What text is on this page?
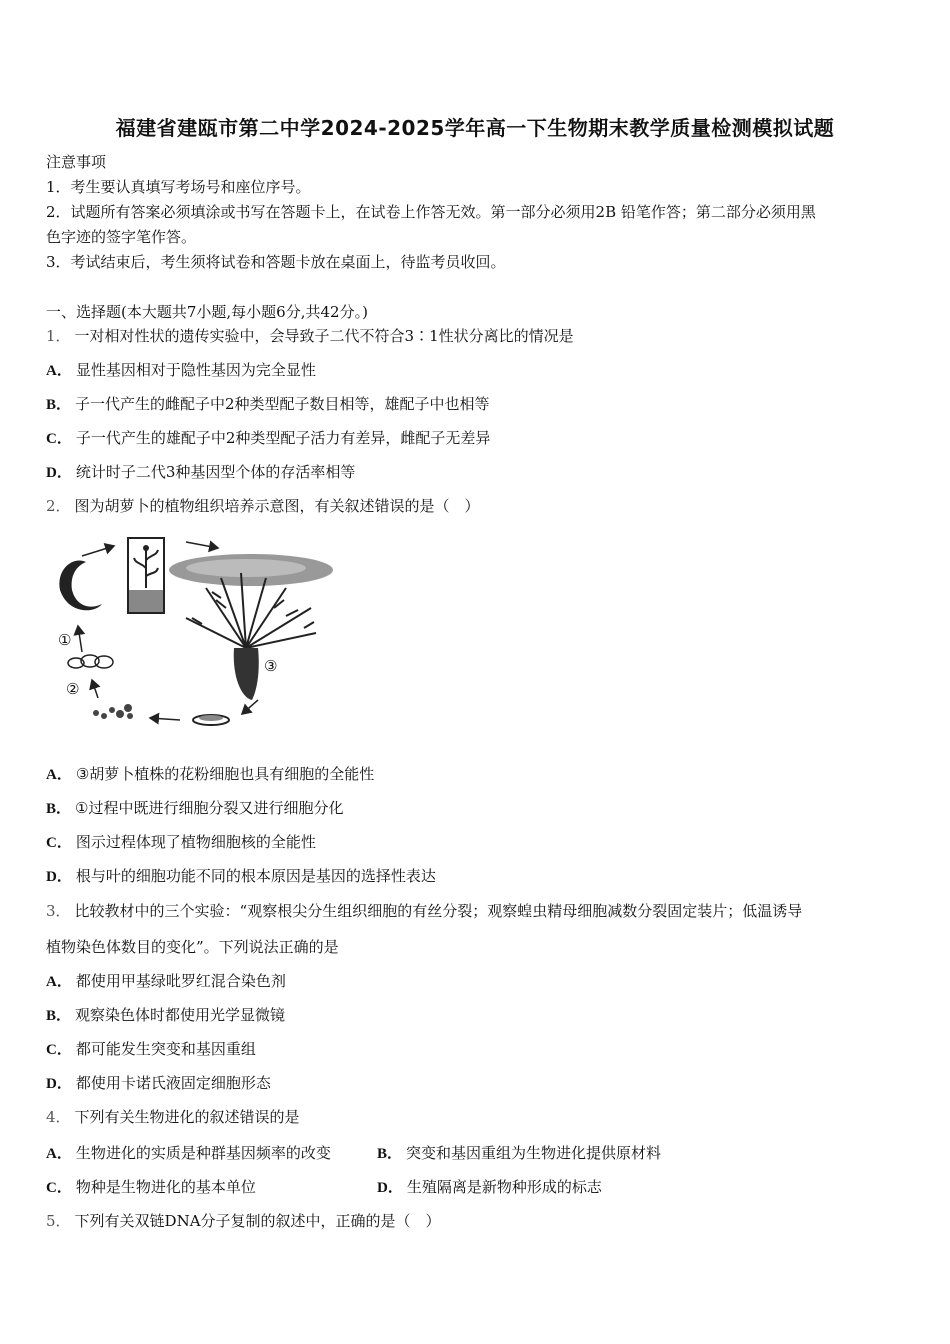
福建省建瓯市第二中学2024-2025学年高一下生物期末教学质量检测模拟试题
注意事项
1．考生要认真填写考场号和座位序号。
2．试题所有答案必须填涂或书写在答题卡上，在试卷上作答无效。第一部分必须用2B 铅笔作答；第二部分必须用黑
色字迹的签字笔作答。
3．考试结束后，考生须将试卷和答题卡放在桌面上，待监考员收回。
一、选择题(本大题共7小题,每小题6分,共42分。)
1． 一对相对性状的遗传实验中，会导致子二代不符合3∶1性状分离比的情况是
A． 显性基因相对于隐性基因为完全显性
B． 子一代产生的雌配子中2种类型配子数目相等，雄配子中也相等
C． 子一代产生的雄配子中2种类型配子活力有差异，雌配子无差异
D． 统计时子二代3种基因型个体的存活率相等
2． 图为胡萝卜的植物组织培养示意图，有关叙述错误的是（　）
③
①
②
A． ③胡萝卜植株的花粉细胞也具有细胞的全能性
B． ①过程中既进行细胞分裂又进行细胞分化
C． 图示过程体现了植物细胞核的全能性
D． 根与叶的细胞功能不同的根本原因是基因的选择性表达
3． 比较教材中的三个实验：“观察根尖分生组织细胞的有丝分裂；观察蝗虫精母细胞减数分裂固定装片；低温诱导
植物染色体数目的变化”。下列说法正确的是
A． 都使用甲基绿吡罗红混合染色剂
B． 观察染色体时都使用光学显微镜
C． 都可能发生突变和基因重组
D． 都使用卡诺氏液固定细胞形态
4． 下列有关生物进化的叙述错误的是
A． 生物进化的实质是种群基因频率的改变	B． 突变和基因重组为生物进化提供原材料
C． 物种是生物进化的基本单位	D． 生殖隔离是新物种形成的标志
5． 下列有关双链DNA分子复制的叙述中，正确的是（　）
